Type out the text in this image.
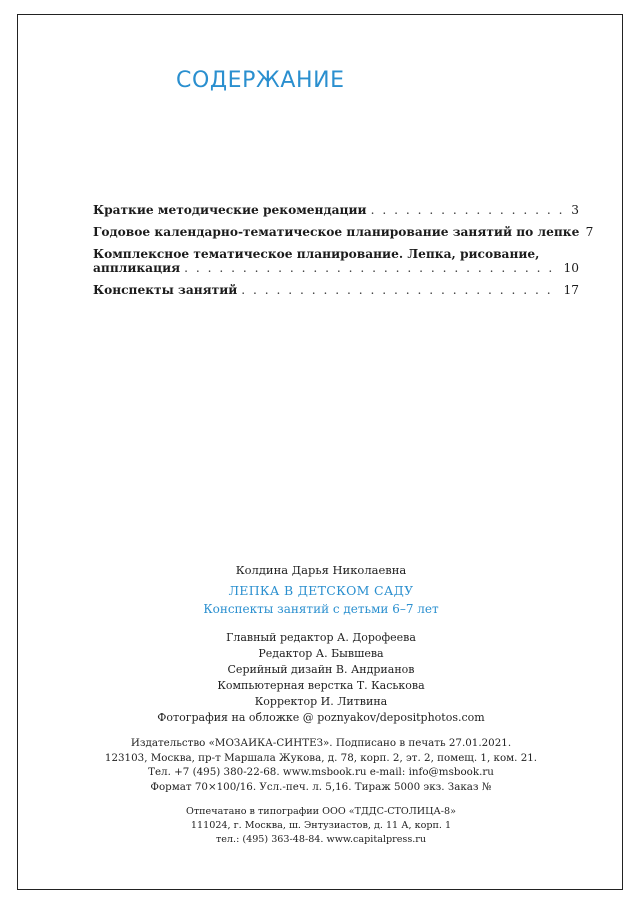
СОДЕРЖАНИЕ
Краткие методические рекомендации . . .	3
Годовое календарно-тематическое планирование занятий по лепке 7
Комплексное тематическое планирование. Лепка, рисование,
аппликация . . .	10
Конспекты занятий . . .	17
Колдина Дарья Николаевна
ЛЕПКА В ДЕТСКОМ САДУ
Конспекты занятий с детьми 6–7 лет
Главный редактор А. Дорофеева
Редактор А. Бывшева
Серийный дизайн В. Андрианов
Компьютерная верстка Т. Каськова
Корректор И. Литвина
Фотография на обложке @ poznyakov/depositphotos.com
Издательство «МОЗАИКА-СИНТЕЗ». Подписано в печать 27.01.2021.
123103, Москва, пр-т Маршала Жукова, д. 78, корп. 2, эт. 2, помещ. 1, ком. 21.
Тел. +7 (495) 380-22-68. www.msbook.ru e-mail: info@msbook.ru
Формат 70×100/16. Усл.-печ. л. 5,16. Тираж 5000 экз. Заказ №
Отпечатано в типографии ООО «ТДДС-СТОЛИЦА-8»
111024, г. Москва, ш. Энтузиастов, д. 11 А, корп. 1
тел.: (495) 363-48-84. www.capitalpress.ru
